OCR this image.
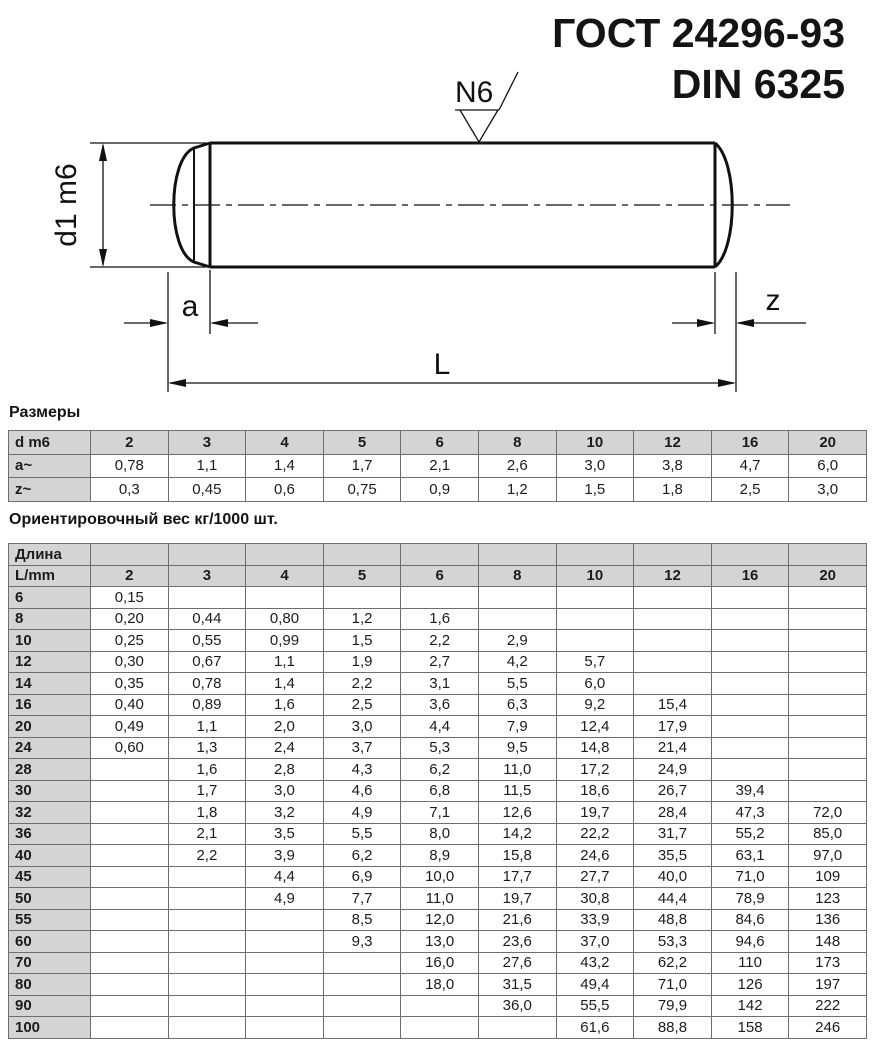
ГОСТ 24296-93
DIN 6325
N6
d1 m6
a	z
L
Размеры
d m6	2	3	4	5	6	8	10	12	16	20
a~	0,78	1,1	1,4	1,7	2,1	2,6	3,0	3,8	4,7	6,0
z~	0,3	0,45	0,6	0,75	0,9	1,2	1,5	1,8	2,5	3,0
Ориентировочный вес кг/1000 шт.
Длина										
L/mm	2	3	4	5	6	8	10	12	16	20
6	0,15									
8	0,20	0,44	0,80	1,2	1,6					
10	0,25	0,55	0,99	1,5	2,2	2,9				
12	0,30	0,67	1,1	1,9	2,7	4,2	5,7			
14	0,35	0,78	1,4	2,2	3,1	5,5	6,0			
16	0,40	0,89	1,6	2,5	3,6	6,3	9,2	15,4		
20	0,49	1,1	2,0	3,0	4,4	7,9	12,4	17,9		
24	0,60	1,3	2,4	3,7	5,3	9,5	14,8	21,4		
28		1,6	2,8	4,3	6,2	11,0	17,2	24,9		
30		1,7	3,0	4,6	6,8	11,5	18,6	26,7	39,4	
32		1,8	3,2	4,9	7,1	12,6	19,7	28,4	47,3	72,0
36		2,1	3,5	5,5	8,0	14,2	22,2	31,7	55,2	85,0
40		2,2	3,9	6,2	8,9	15,8	24,6	35,5	63,1	97,0
45			4,4	6,9	10,0	17,7	27,7	40,0	71,0	109
50			4,9	7,7	11,0	19,7	30,8	44,4	78,9	123
55				8,5	12,0	21,6	33,9	48,8	84,6	136
60				9,3	13,0	23,6	37,0	53,3	94,6	148
70					16,0	27,6	43,2	62,2	110	173
80					18,0	31,5	49,4	71,0	126	197
90						36,0	55,5	79,9	142	222
100							61,6	88,8	158	246
